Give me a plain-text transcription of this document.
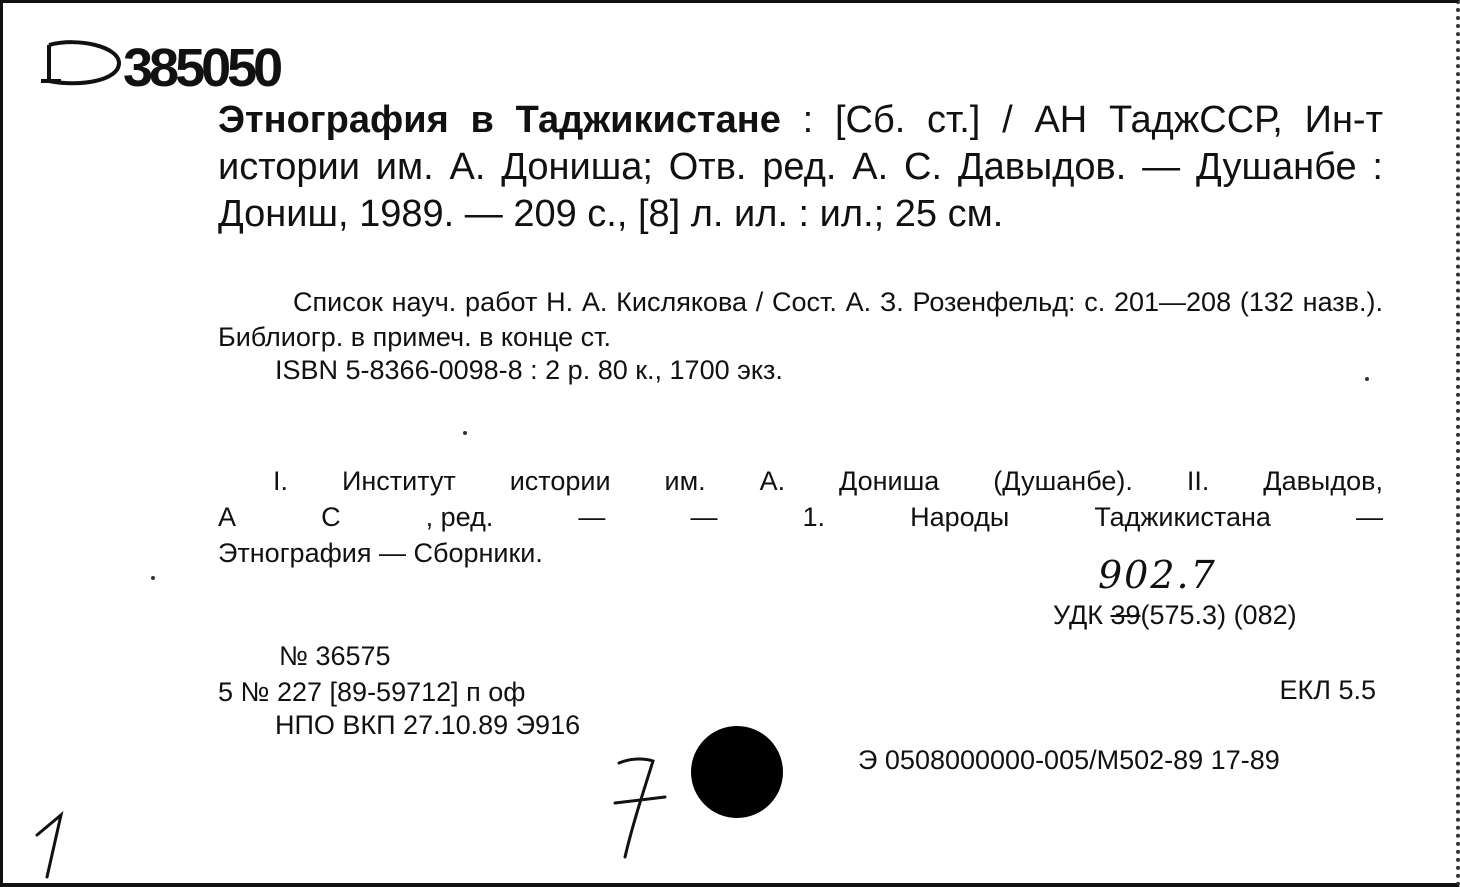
385050
Этнография в Таджикистане : [Сб. ст.] / АН ТаджССР, Ин-т истории им. А. Дониша; Отв. ред. А. С. Давыдов. — Душанбе : Дониш, 1989. — 209 с., [8] л. ил. : ил.; 25 см.
Список науч. работ Н. А. Кислякова / Сост. А. З. Розенфельд: с. 201—208 (132 назв.). Библиогр. в примеч. в конце ст.
ISBN 5-8366-0098-8 : 2 р. 80 к., 1700 экз.
I. Институт истории им. А. Дониша (Душанбе). II. Давыдов,
А	С	, ред.	—	—	1.	Народы	Таджикистана	—
Этнография — Сборники.	902.7
УДК 39(575.3) (082)
№ 36575
5 № 227 [89-59712] п оф
НПО ВКП 27.10.89 Э916
ЕКЛ 5.5
Э 0508000000-005/М502-89 17-89
